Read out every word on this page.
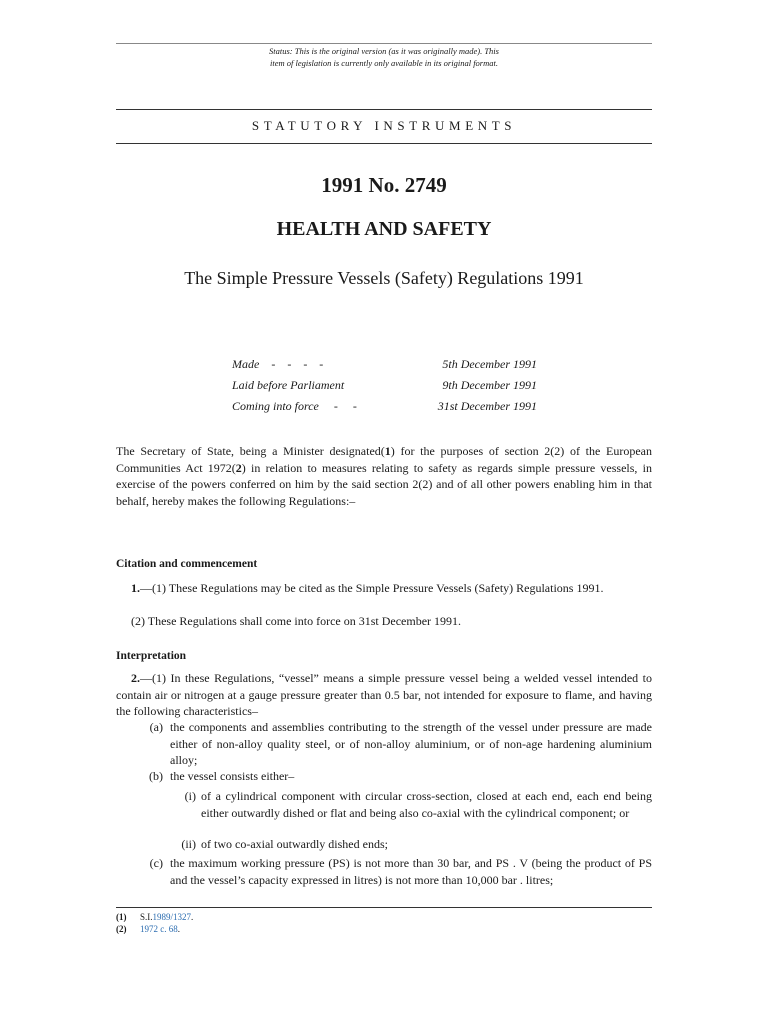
Status: This is the original version (as it was originally made). This
item of legislation is currently only available in its original format.
STATUTORY INSTRUMENTS
1991 No. 2749
HEALTH AND SAFETY
The Simple Pressure Vessels (Safety) Regulations 1991
Made    -    -    -    -	5th December 1991
Laid before Parliament	9th December 1991
Coming into force     -     -	31st December 1991
The Secretary of State, being a Minister designated(1) for the purposes of section 2(2) of the European Communities Act 1972(2) in relation to measures relating to safety as regards simple pressure vessels, in exercise of the powers conferred on him by the said section 2(2) and of all other powers enabling him in that behalf, hereby makes the following Regulations:–
Citation and commencement
1.—(1) These Regulations may be cited as the Simple Pressure Vessels (Safety) Regulations 1991.
(2) These Regulations shall come into force on 31st December 1991.
Interpretation
2.—(1) In these Regulations, “vessel” means a simple pressure vessel being a welded vessel intended to contain air or nitrogen at a gauge pressure greater than 0.5 bar, not intended for exposure to flame, and having the following characteristics–
(a) the components and assemblies contributing to the strength of the vessel under pressure are made either of non-alloy quality steel, or of non-alloy aluminium, or of non-age hardening aluminium alloy;
(b) the vessel consists either–
(i) of a cylindrical component with circular cross-section, closed at each end, each end being either outwardly dished or flat and being also co-axial with the cylindrical component; or
(ii) of two co-axial outwardly dished ends;
(c) the maximum working pressure (PS) is not more than 30 bar, and PS . V (being the product of PS and the vessel’s capacity expressed in litres) is not more than 10,000 bar . litres;
(1) S.I.1989/1327.
(2) 1972 c. 68.
